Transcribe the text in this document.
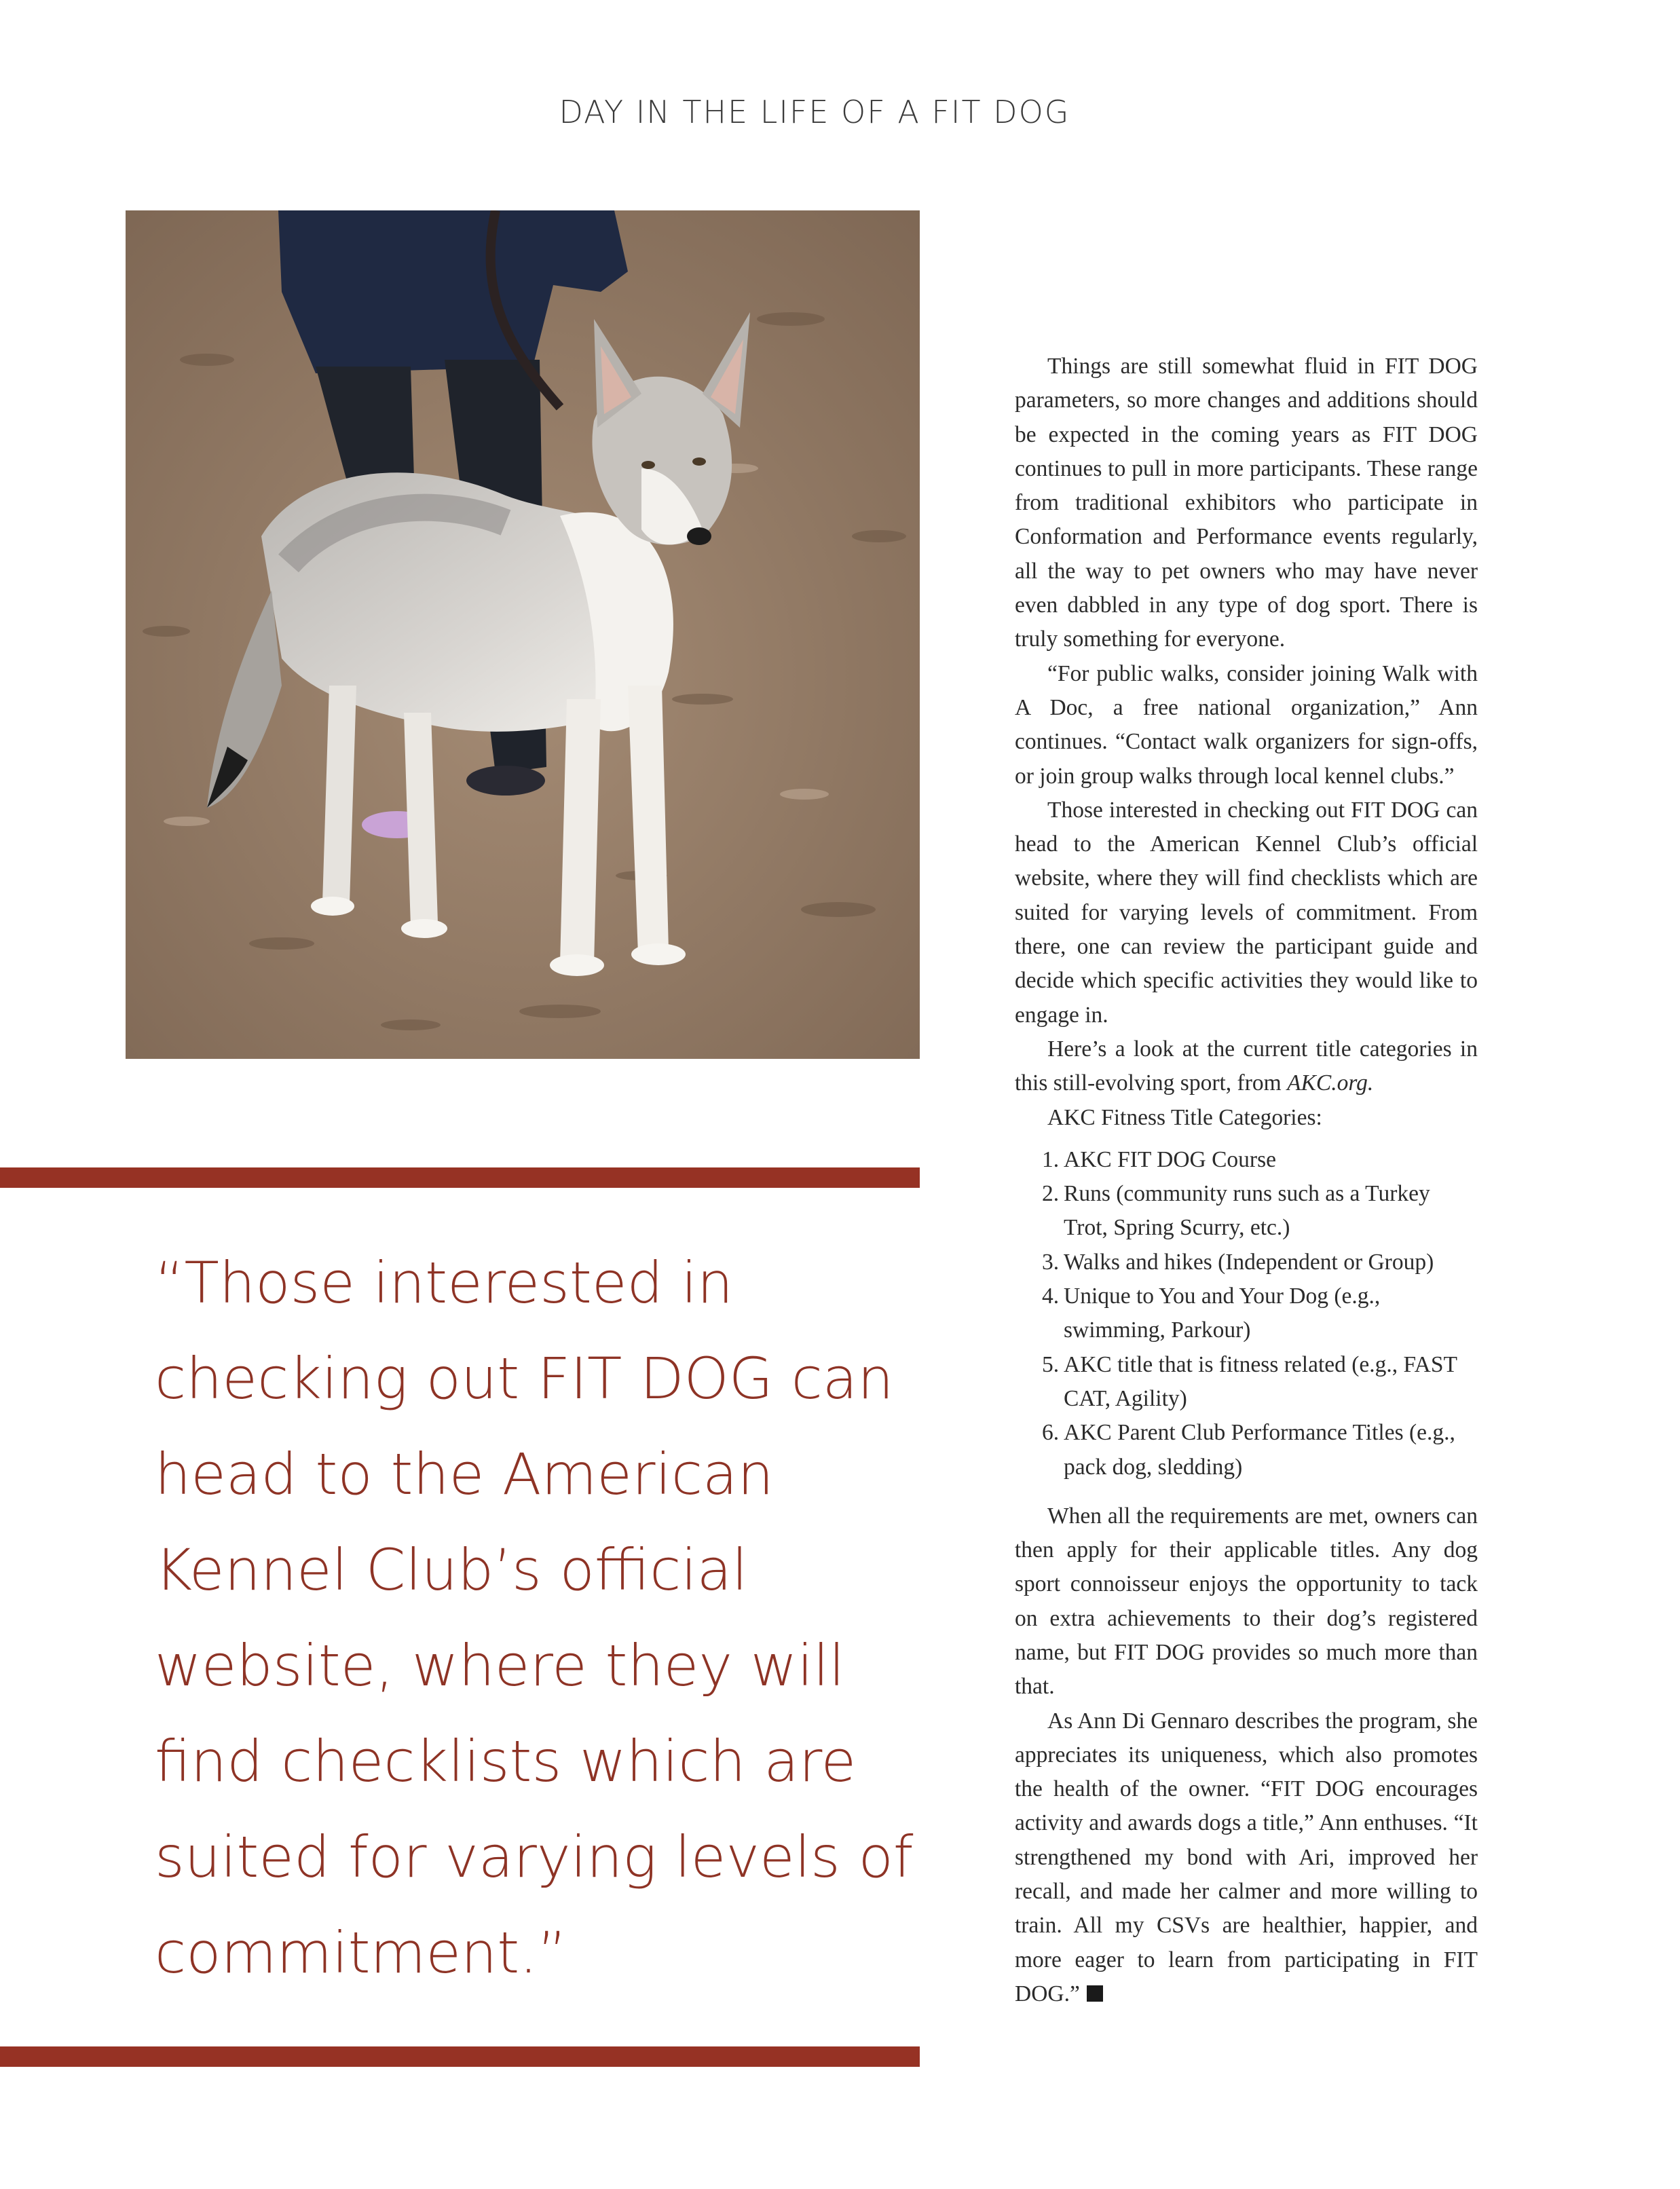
DAY IN THE LIFE OF A FIT DOG
“Those interested in checking out FIT DOG can head to the American Kennel Club’s official website, where they will find checklists which are suited for varying levels of commitment.”

Things are still somewhat fluid in FIT DOG parameters, so more changes and additions should be expected in the coming years as FIT DOG continues to pull in more participants. These range from traditional exhibitors who participate in Conformation and Performance events regularly, all the way to pet owners who may have never even dabbled in any type of dog sport. There is truly something for everyone.

“For public walks, consider joining Walk with A Doc, a free national organization,” Ann continues. “Contact walk organizers for sign-offs, or join group walks through local kennel clubs.”

Those interested in checking out FIT DOG can head to the American Kennel Club’s official website, where they will find checklists which are suited for varying levels of commitment. From there, one can review the participant guide and decide which specific activities they would like to engage in.

Here’s a look at the current title categories in this still-evolving sport, from AKC.org.

AKC Fitness Title Categories:

1. AKC FIT DOG Course
2. Runs (community runs such as a Turkey Trot, Spring Scurry, etc.)
3. Walks and hikes (Independent or Group)
4. Unique to You and Your Dog (e.g., swimming, Parkour)
5. AKC title that is fitness related (e.g., FAST CAT, Agility)
6. AKC Parent Club Performance Titles (e.g., pack dog, sledding)

When all the requirements are met, owners can then apply for their applicable titles. Any dog sport connoisseur enjoys the opportunity to tack on extra achievements to their dog’s registered name, but FIT DOG provides so much more than that.

As Ann Di Gennaro describes the program, she appreciates its uniqueness, which also promotes the health of the owner. “FIT DOG encourages activity and awards dogs a title,” Ann enthuses. “It strengthened my bond with Ari, improved her recall, and made her calmer and more willing to train. All my CSVs are healthier, happier, and more eager to learn from participating in FIT DOG.”
